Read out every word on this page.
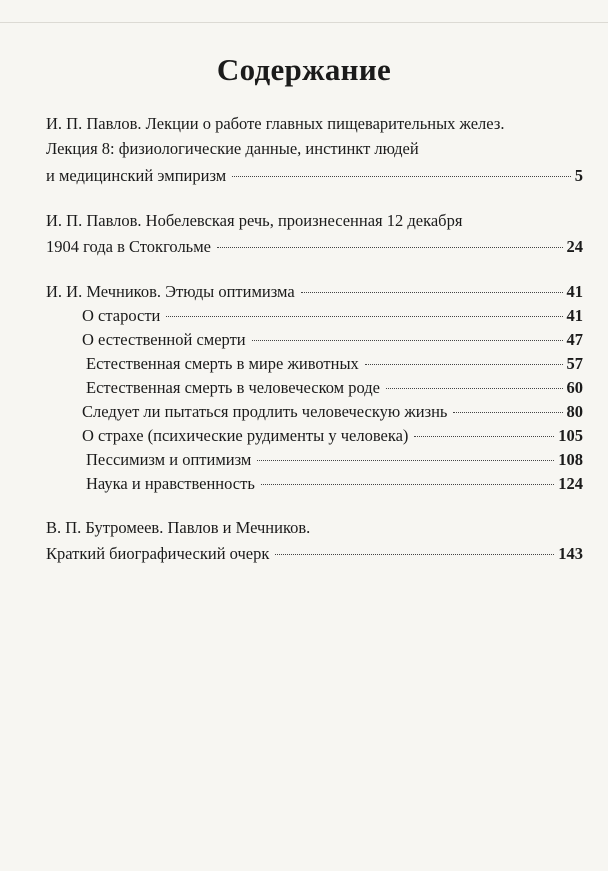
Содержание
И. П. Павлов. Лекции о работе главных пищеварительных желез.
Лекция 8: физиологические данные, инстинкт людей
и медицинский эмпиризм	5
И. П. Павлов. Нобелевская речь, произнесенная 12 декабря
1904 года в Стокгольме	24
И. И. Мечников. Этюды оптимизма	41
О старости	41
О естественной смерти	47
Естественная смерть в мире животных	57
Естественная смерть в человеческом роде	60
Следует ли пытаться продлить человеческую жизнь	80
О страхе (психические рудименты у человека)	105
Пессимизм и оптимизм	108
Наука и нравственность	124
В. П. Бутромеев. Павлов и Мечников.
Краткий биографический очерк	143
